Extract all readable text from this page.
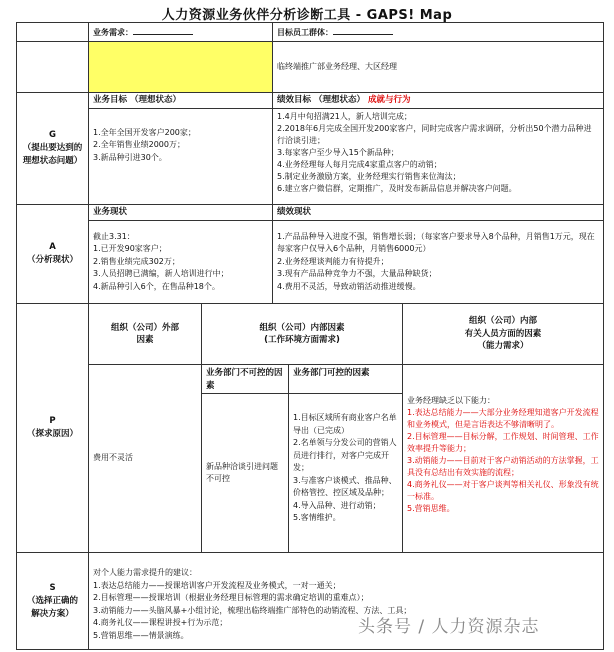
人力资源业务伙伴分析诊断工具 - GAPS! Map
业务需求：	目标员工群体：
临终端推广部业务经理、大区经理
G
（提出要达到的
理想状态问题）
业务目标 （理想状态）
1.全年全国开发客户200家；
2.全年销售业绩2000万；
3.新品种引进30个。
绩效目标 （理想状态） 成就与行为
1.4月中旬招满21人，新人培训完成；
2.2018年6月完成全国开发200家客户，同时完成客户需求调研，分析出50个潜力品种进行洽谈引进；
3.每家客户至少导入15个新品种；
4.业务经理每人每月完成4家重点客户的动销；
5.制定业务激励方案，业务经理实行销售来位淘汰；
6.建立客户微信群，定期推广，及时发布新品信息并解决客户问题。
A
（分析现状）
业务现状
截止3.31：
1.已开发90家客户；
2.销售业绩完成302万；
3.人员招聘已满编，新人培训进行中；
4.新品种引入6个，在售品种18个。
绩效现状
1.产品品种导入进度不强，销售增长弱；（每家客户要求导入8个品种，月销售1万元，现在每家客户仅导入6个品种，月销售6000元）
2.业务经理谈判能力有待提升；
3.现有产品品种竞争力不强，大量品种缺货；
4.费用不灵活，导致动销活动推进缓慢。
P
（探求原因）
组织（公司）外部
因素
组织（公司）内部因素
(工作环境方面需求)
组织（公司）内部
有关人员方面的因素
（能力需求）
费用不灵活
业务部门不可控的因素
业务部门可控的因素
新品种洽谈引进问题不可控
1.目标区域所有商业客户名单导出（已完成）
2.名单领与分发公司的营销人员进行排行，对客户完成开发；
3.与准客户谈模式、推品种、价格管控、控区域及品种；
4.导入品种、进行动销；
5.客情维护。
业务经理缺乏以下能力：
1.表达总结能力——大部分业务经理知道客户开发流程和业务模式，但是言语表达不够清晰明了。
2.目标管理——目标分解，工作规划、时间管理、工作效率提升等能力；
3.动销能力——目前对于客户动销活动的方法掌握，工具没有总结出有效实施的流程；
4.商务礼仪——对于客户谈判等相关礼仪、形象没有统一标准。
5.营销思维。
S
（选择正确的
解决方案）
对个人能力需求提升的建议：
1.表达总结能力——授课培训客户开发流程及业务模式，一对一通关；
2.目标管理——授课培训（根据业务经理目标管理的需求确定培训的重难点）；
3.动销能力——头脑风暴+小组讨论，梳理出临终端推广部特色的动销流程、方法、工具；
4.商务礼仪——课程讲授+行为示范；
5.营销思维——情景演练。	头条号 / 人力资源杂志
